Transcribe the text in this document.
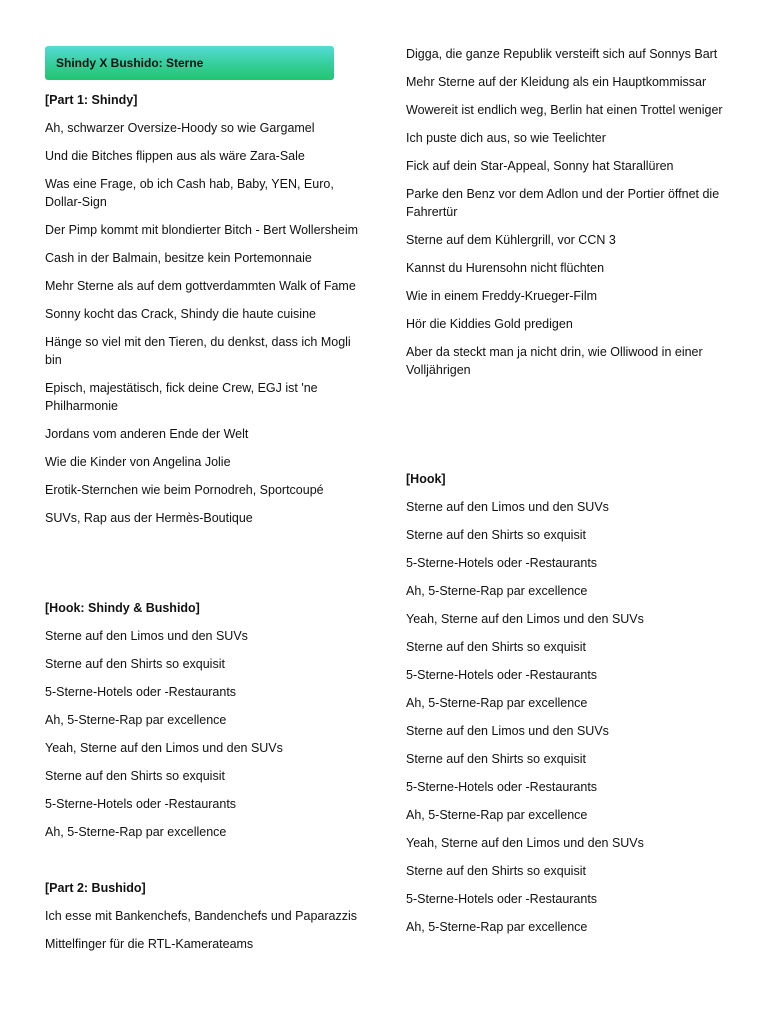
Shindy X Bushido: Sterne
[Part 1: Shindy]
Ah, schwarzer Oversize-Hoody so wie Gargamel
Und die Bitches flippen aus als wäre Zara-Sale
Was eine Frage, ob ich Cash hab, Baby, YEN, Euro, Dollar-Sign
Der Pimp kommt mit blondierter Bitch - Bert Wollersheim
Cash in der Balmain, besitze kein Portemonnaie
Mehr Sterne als auf dem gottverdammten Walk of Fame
Sonny kocht das Crack, Shindy die haute cuisine
Hänge so viel mit den Tieren, du denkst, dass ich Mogli bin
Episch, majestätisch, fick deine Crew, EGJ ist 'ne Philharmonie
Jordans vom anderen Ende der Welt
Wie die Kinder von Angelina Jolie
Erotik-Sternchen wie beim Pornodreh, Sportcoupé
SUVs, Rap aus der Hermès-Boutique
[Hook: Shindy & Bushido]
Sterne auf den Limos und den SUVs
Sterne auf den Shirts so exquisit
5-Sterne-Hotels oder -Restaurants
Ah, 5-Sterne-Rap par excellence
Yeah, Sterne auf den Limos und den SUVs
Sterne auf den Shirts so exquisit
5-Sterne-Hotels oder -Restaurants
Ah, 5-Sterne-Rap par excellence
[Part 2: Bushido]
Ich esse mit Bankenchefs, Bandenchefs und Paparazzis
Mittelfinger für die RTL-Kamerateams
Digga, die ganze Republik versteift sich auf Sonnys Bart
Mehr Sterne auf der Kleidung als ein Hauptkommissar
Wowereit ist endlich weg, Berlin hat einen Trottel weniger
Ich puste dich aus, so wie Teelichter
Fick auf dein Star-Appeal, Sonny hat Starallüren
Parke den Benz vor dem Adlon und der Portier öffnet die Fahrertür
Sterne auf dem Kühlergrill, vor CCN 3
Kannst du Hurensohn nicht flüchten
Wie in einem Freddy-Krueger-Film
Hör die Kiddies Gold predigen
Aber da steckt man ja nicht drin, wie Olliwood in einer Volljährigen
[Hook]
Sterne auf den Limos und den SUVs
Sterne auf den Shirts so exquisit
5-Sterne-Hotels oder -Restaurants
Ah, 5-Sterne-Rap par excellence
Yeah, Sterne auf den Limos und den SUVs
Sterne auf den Shirts so exquisit
5-Sterne-Hotels oder -Restaurants
Ah, 5-Sterne-Rap par excellence
Sterne auf den Limos und den SUVs
Sterne auf den Shirts so exquisit
5-Sterne-Hotels oder -Restaurants
Ah, 5-Sterne-Rap par excellence
Yeah, Sterne auf den Limos und den SUVs
Sterne auf den Shirts so exquisit
5-Sterne-Hotels oder -Restaurants
Ah, 5-Sterne-Rap par excellence
